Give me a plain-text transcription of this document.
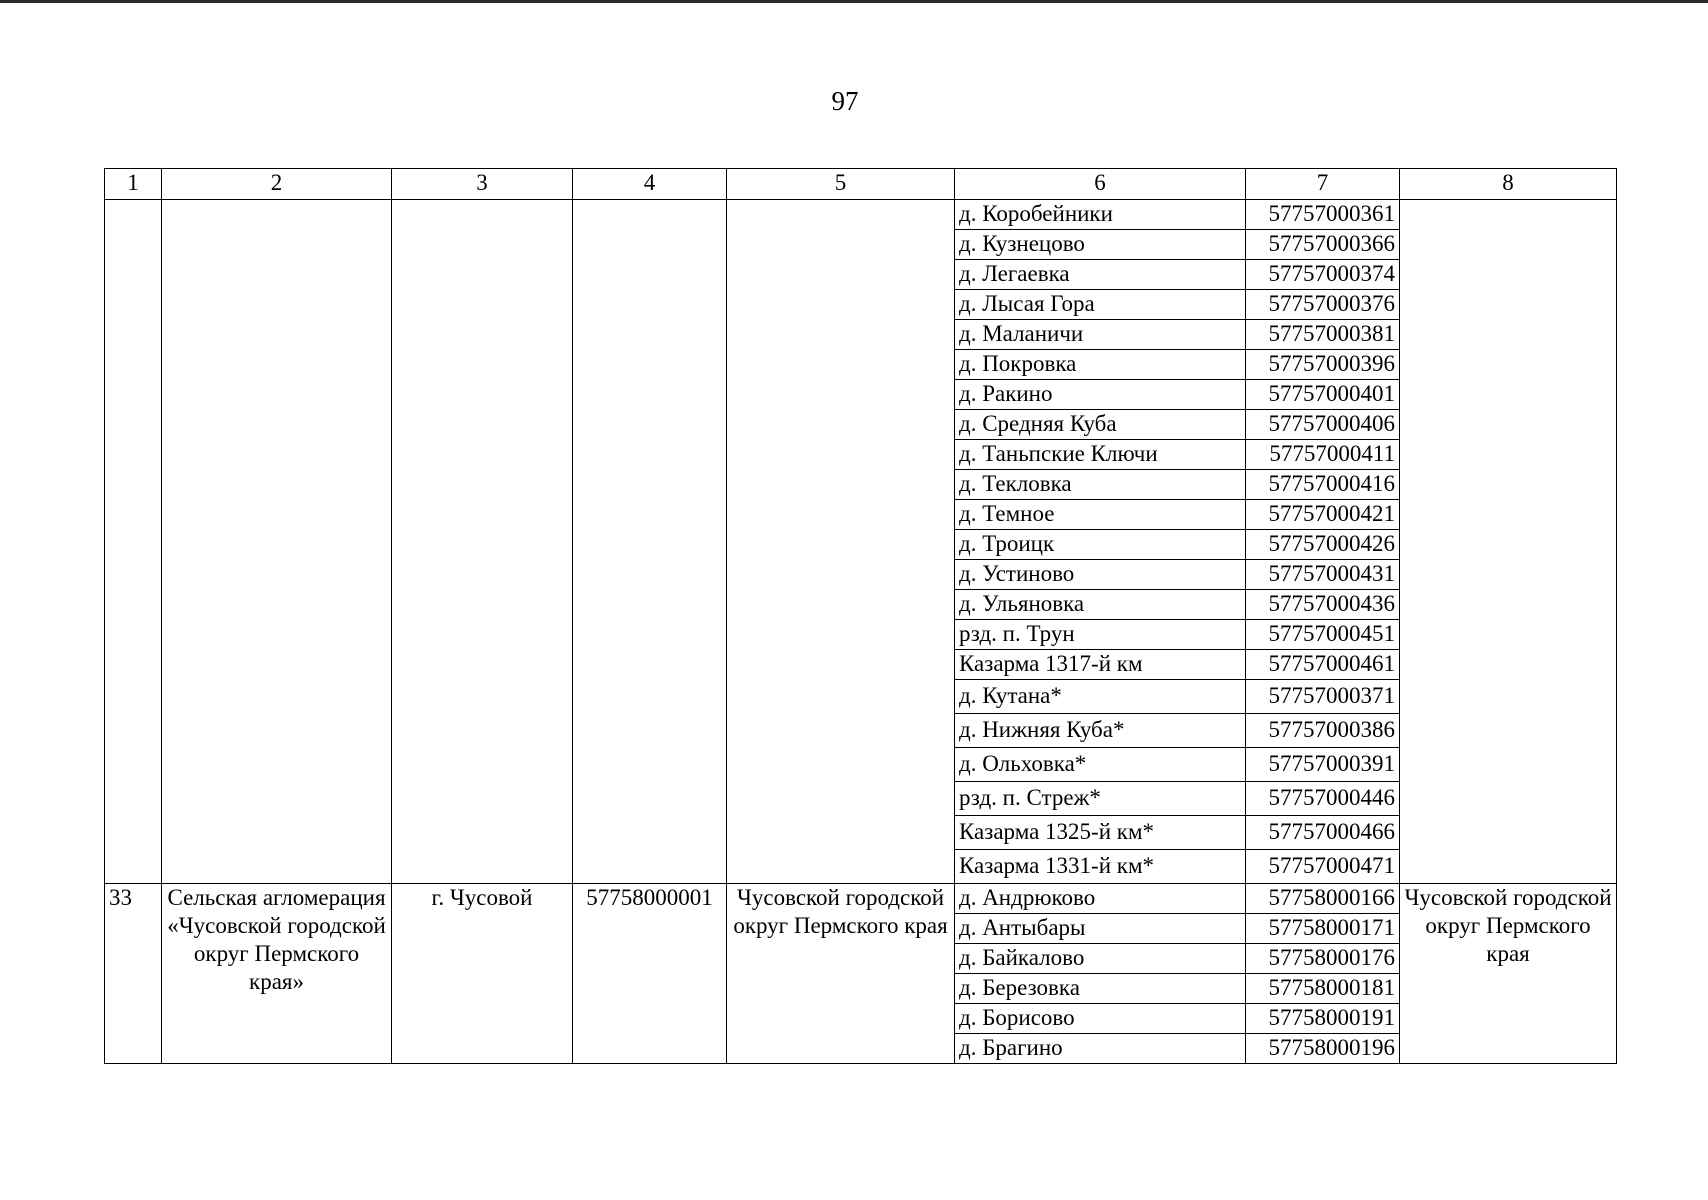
97
1	2	3	4	5	6	7	8
					д. Коробейники	57757000361	
					д. Кузнецово	57757000366	
					д. Легаевка	57757000374	
					д. Лысая Гора	57757000376	
					д. Маланичи	57757000381	
					д. Покровка	57757000396	
					д. Ракино	57757000401	
					д. Средняя Куба	57757000406	
					д. Таньпские Ключи	57757000411	
					д. Текловка	57757000416	
					д. Темное	57757000421	
					д. Троицк	57757000426	
					д. Устиново	57757000431	
					д. Ульяновка	57757000436	
					рзд. п. Трун	57757000451	
					Казарма 1317-й км	57757000461	
					д. Кутана*	57757000371	
					д. Нижняя Куба*	57757000386	
					д. Ольховка*	57757000391	
					рзд. п. Стреж*	57757000446	
					Казарма 1325-й км*	57757000466	
					Казарма 1331-й км*	57757000471	
33	Сельская агломерация «Чусовской городской округ Пермского края»	г. Чусовой	57758000001	Чусовской городской округ Пермского края	д. Андрюково	57758000166	Чусовской городской округ Пермского края
					д. Антыбары	57758000171	
					д. Байкалово	57758000176	
					д. Березовка	57758000181	
					д. Борисово	57758000191	
					д. Брагино	57758000196	
